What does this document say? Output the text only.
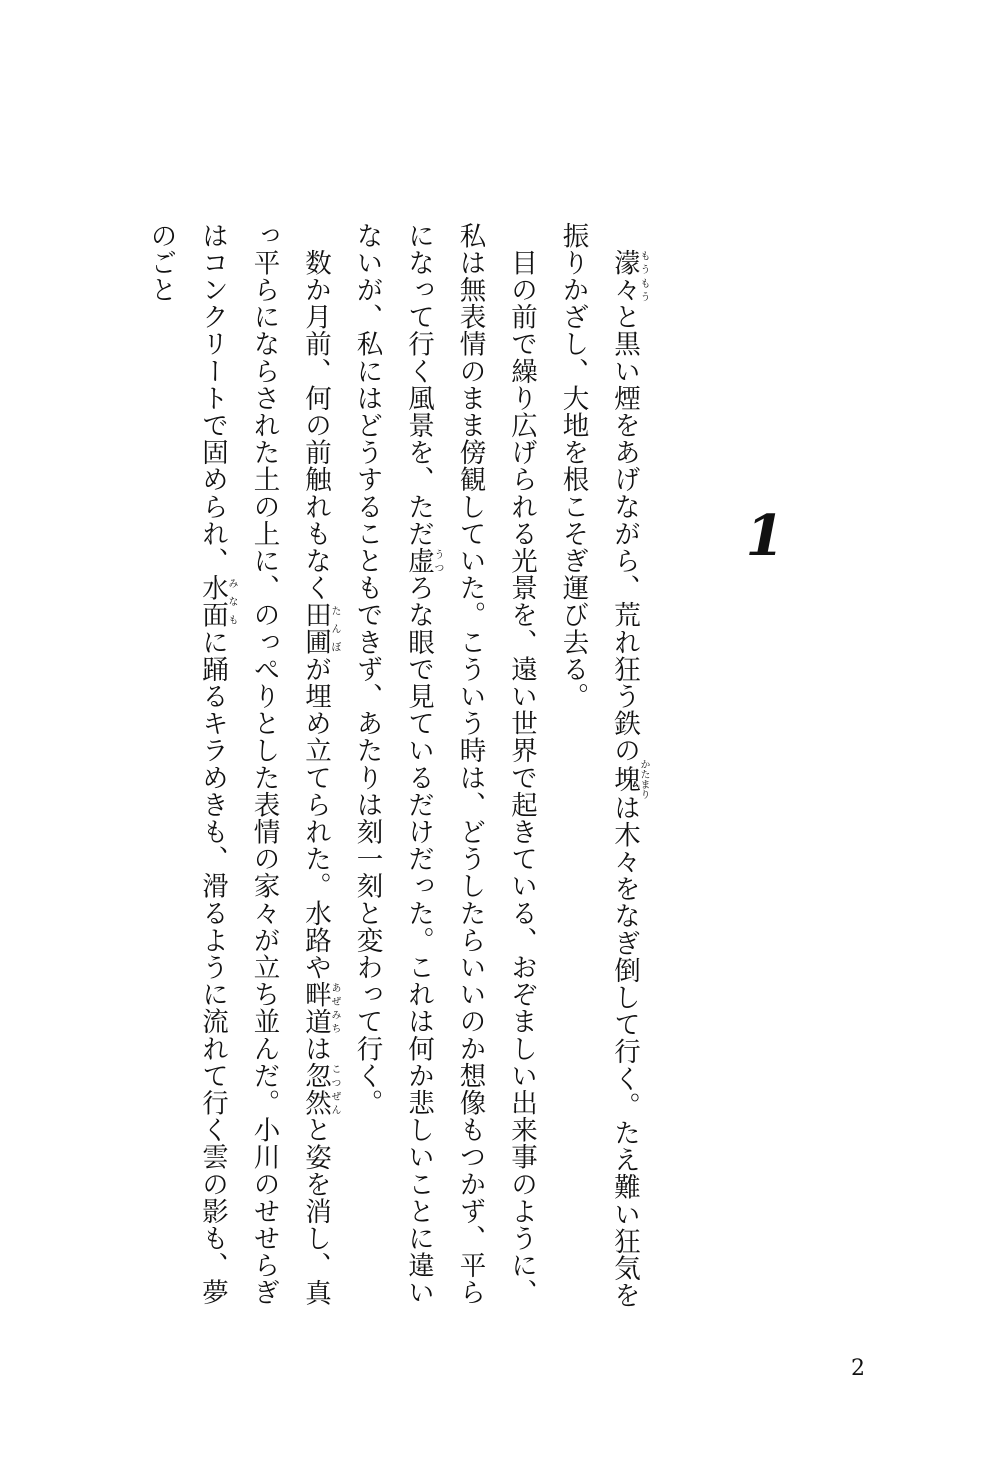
1
　濛々もうもうと黒い煙をあげながら、荒れ狂う鉄の塊かたまりは木々をなぎ倒して行く。たえ難い狂気を振りかざし、大地を根こそぎ運び去る。
　目の前で繰り広げられる光景を、遠い世界で起きている、おぞましい出来事のように、私は無表情のまま傍観していた。こういう時は、どうしたらいいのか想像もつかず、平らになって行く風景を、ただ虚うつろな眼で見ているだけだった。これは何か悲しいことに違いないが、私にはどうすることもできず、あたりは刻一刻と変わって行く。
　数か月前、何の前触れもなく田圃たんぼが埋め立てられた。水路や畔道あぜみちは忽然こつぜんと姿を消し、真っ平らにならされた土の上に、のっぺりとした表情の家々が立ち並んだ。小川のせせらぎはコンクリートで固められ、水面みなもに踊るキラめきも、滑るように流れて行く雲の影も、夢のごと
2
